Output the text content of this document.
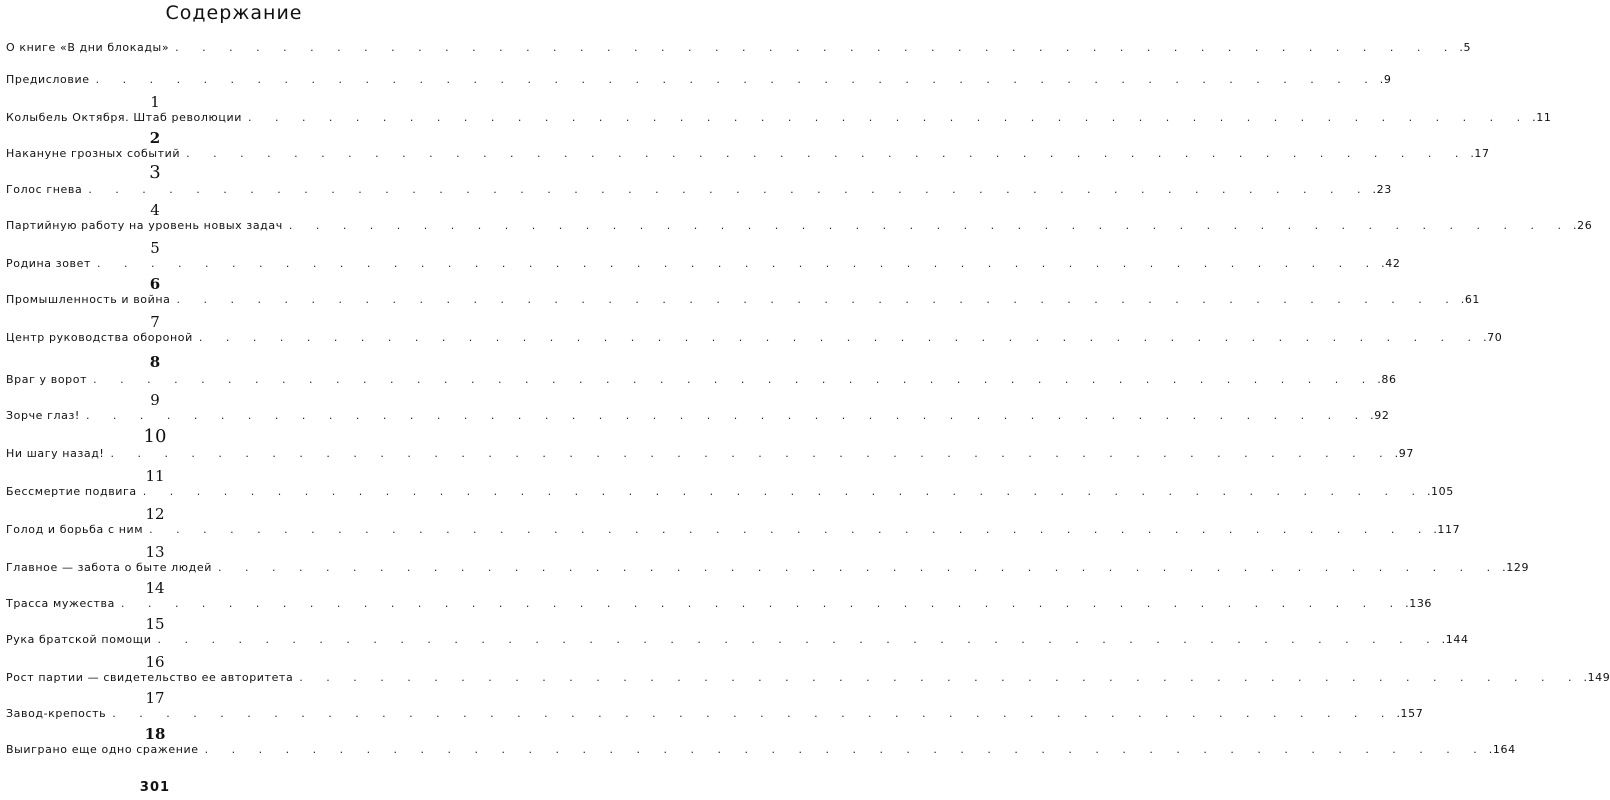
Содержание
О книге «В дни блокады» . . . . . . . . . . . . . . . . . . . . . . . . . . . . . . . . . . . . . . . . . . . . . . . . .5
Предисловие . . . . . . . . . . . . . . . . . . . . . . . . . . . . . . . . . . . . . . . . . . . . . . . . .9
1
Колыбель Октября. Штаб революции . . . . . . . . . . . . . . . . . . . . . . . . . . . . . . . . . . . . . . . . . . . . . . . . .11
2
Накануне грозных событий . . . . . . . . . . . . . . . . . . . . . . . . . . . . . . . . . . . . . . . . . . . . . . . . .17
3
Голос гнева . . . . . . . . . . . . . . . . . . . . . . . . . . . . . . . . . . . . . . . . . . . . . . . . .23
4
Партийную работу на уровень новых задач . . . . . . . . . . . . . . . . . . . . . . . . . . . . . . . . . . . . . . . . . . . . . . . . .26
5
Родина зовет . . . . . . . . . . . . . . . . . . . . . . . . . . . . . . . . . . . . . . . . . . . . . . . . .42
6
Промышленность и война . . . . . . . . . . . . . . . . . . . . . . . . . . . . . . . . . . . . . . . . . . . . . . . . .61
7
Центр руководства обороной . . . . . . . . . . . . . . . . . . . . . . . . . . . . . . . . . . . . . . . . . . . . . . . . .70
8
Враг у ворот . . . . . . . . . . . . . . . . . . . . . . . . . . . . . . . . . . . . . . . . . . . . . . . . .86
9
Зорче глаз! . . . . . . . . . . . . . . . . . . . . . . . . . . . . . . . . . . . . . . . . . . . . . . . . .92
10
Ни шагу назад! . . . . . . . . . . . . . . . . . . . . . . . . . . . . . . . . . . . . . . . . . . . . . . . . .97
11
Бессмертие подвига . . . . . . . . . . . . . . . . . . . . . . . . . . . . . . . . . . . . . . . . . . . . . . . . .105
12
Голод и борьба с ним . . . . . . . . . . . . . . . . . . . . . . . . . . . . . . . . . . . . . . . . . . . . . . . . .117
13
Главное — забота о быте людей . . . . . . . . . . . . . . . . . . . . . . . . . . . . . . . . . . . . . . . . . . . . . . . . .129
14
Трасса мужества . . . . . . . . . . . . . . . . . . . . . . . . . . . . . . . . . . . . . . . . . . . . . . . . .136
15
Рука братской помощи . . . . . . . . . . . . . . . . . . . . . . . . . . . . . . . . . . . . . . . . . . . . . . . . .144
16
Рост партии — свидетельство ее авторитета . . . . . . . . . . . . . . . . . . . . . . . . . . . . . . . . . . . . . . . . . . . . . . . . .149
17
Завод-крепость . . . . . . . . . . . . . . . . . . . . . . . . . . . . . . . . . . . . . . . . . . . . . . . . .157
18
Выиграно еще одно сражение . . . . . . . . . . . . . . . . . . . . . . . . . . . . . . . . . . . . . . . . . . . . . . . . .164
301
